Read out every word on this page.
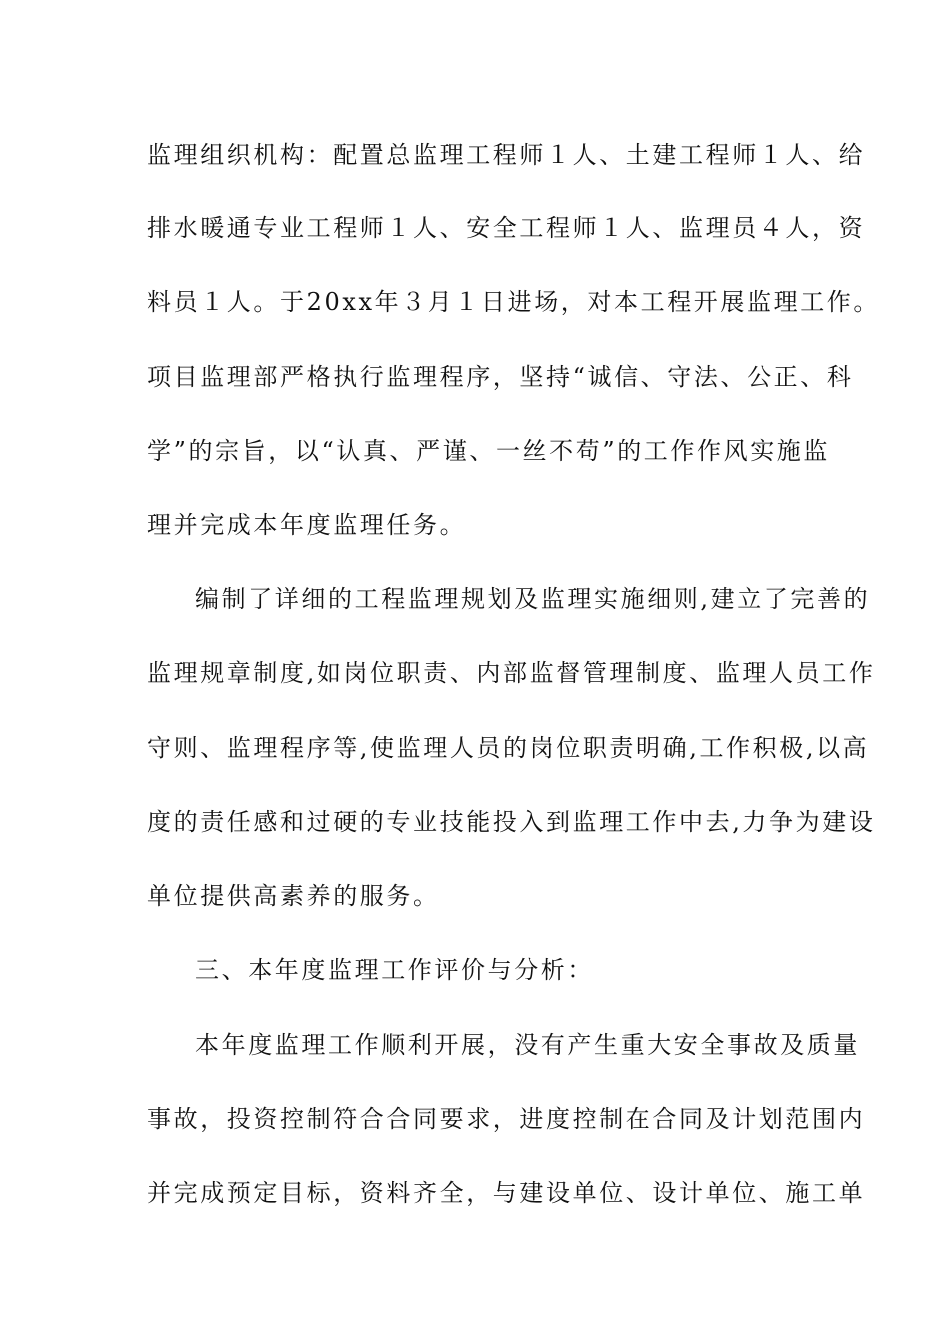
监理组织机构：配置总监理工程师１人、土建工程师１人、给
排水暖通专业工程师１人、安全工程师１人、监理员４人，资
料员１人。于20xx年３月１日进场，对本工程开展监理工作。
项目监理部严格执行监理程序，坚持“诚信、守法、公正、科
学”的宗旨，以“认真、严谨、一丝不苟”的工作作风实施监
理并完成本年度监理任务。
编制了详细的工程监理规划及监理实施细则,建立了完善的
监理规章制度,如岗位职责、内部监督管理制度、监理人员工作
守则、监理程序等,使监理人员的岗位职责明确,工作积极,以高
度的责任感和过硬的专业技能投入到监理工作中去,力争为建设
单位提供高素养的服务。
三、本年度监理工作评价与分析：
本年度监理工作顺利开展，没有产生重大安全事故及质量
事故，投资控制符合合同要求，进度控制在合同及计划范围内
并完成预定目标，资料齐全，与建设单位、设计单位、施工单
